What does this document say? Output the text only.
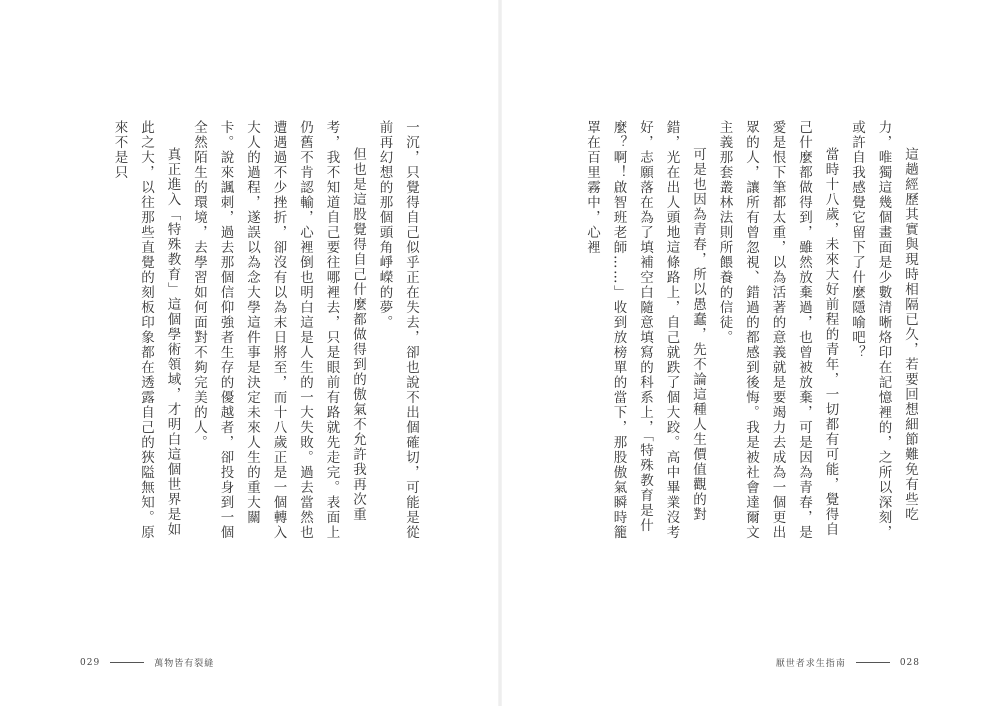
一沉，只覺得自己似乎正在失去，卻也說不出個確切，可能是從前再幻想的那個頭角崢嶸的夢。

但也是這股覺得自己什麼都做得到的傲氣不允許我再次重考，我不知道自己要往哪裡去，只是眼前有路就先走完。表面上仍舊不肯認輸，心裡倒也明白這是人生的一大失敗。過去當然也遭遇過不少挫折，卻沒有以為末日將至，而十八歲正是一個轉入大人的過程，遂誤以為念大學這件事是決定未來人生的重大關卡。說來諷刺，過去那個信仰強者生存的優越者，卻投身到一個全然陌生的環境，去學習如何面對不夠完美的人。

真正進入「特殊教育」這個學術領域，才明白這個世界是如此之大，以往那些直覺的刻板印象都在透露自己的狹隘無知。原來不是只

029	萬物皆有裂縫

這趟經歷其實與現時相隔已久，若要回想細節難免有些吃力，唯獨這幾個畫面是少數清晰烙印在記憶裡的，之所以深刻，或許自我感覺它留下了什麼隱喻吧？

當時十八歲，未來大好前程的青年，一切都有可能，覺得自己什麼都做得到，雖然放棄過，也曾被放棄，可是因為青春，是愛是恨下筆都太重，以為活著的意義就是要竭力去成為一個更出眾的人，讓所有曾忽視、錯過的都感到後悔。我是被社會達爾文主義那套叢林法則所餵養的信徒。

可是也因為青春，所以愚蠢，先不論這種人生價值觀的對錯，光在出人頭地這條路上，自己就跌了個大跤。高中畢業沒考好，志願落在為了填補空白隨意填寫的科系上，「特殊教育是什麼？啊！啟智班老師……」收到放榜單的當下，那股傲氣瞬時籠罩在百里霧中，心裡

厭世者求生指南	028
